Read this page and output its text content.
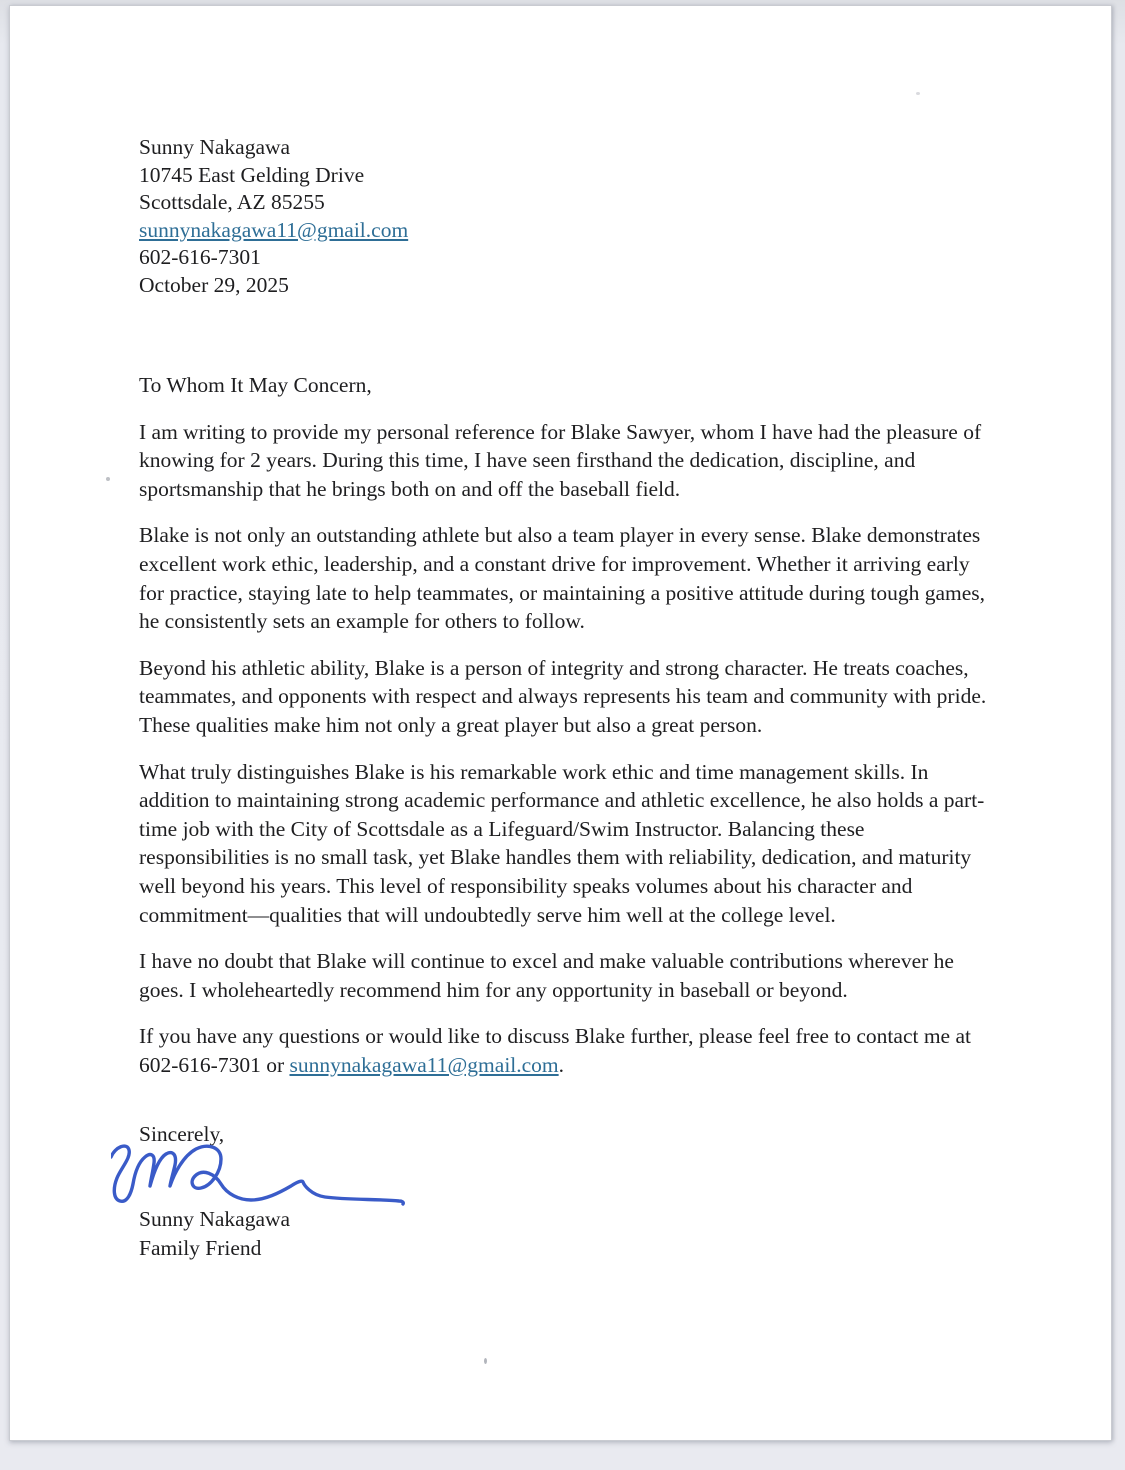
Sunny Nakagawa
10745 East Gelding Drive
Scottsdale, AZ 85255
sunnynakagawa11@gmail.com
602-616-7301
October 29, 2025
To Whom It May Concern,

I am writing to provide my personal reference for Blake Sawyer, whom I have had the pleasure of knowing for 2 years. During this time, I have seen firsthand the dedication, discipline, and sportsmanship that he brings both on and off the baseball field.

Blake is not only an outstanding athlete but also a team player in every sense. Blake demonstrates excellent work ethic, leadership, and a constant drive for improvement. Whether it arriving early for practice, staying late to help teammates, or maintaining a positive attitude during tough games, he consistently sets an example for others to follow.

Beyond his athletic ability, Blake is a person of integrity and strong character. He treats coaches, teammates, and opponents with respect and always represents his team and community with pride. These qualities make him not only a great player but also a great person.

What truly distinguishes Blake is his remarkable work ethic and time management skills. In addition to maintaining strong academic performance and athletic excellence, he also holds a part-time job with the City of Scottsdale as a Lifeguard/Swim Instructor. Balancing these responsibilities is no small task, yet Blake handles them with reliability, dedication, and maturity well beyond his years. This level of responsibility speaks volumes about his character and commitment—qualities that will undoubtedly serve him well at the college level.

I have no doubt that Blake will continue to excel and make valuable contributions wherever he goes. I wholeheartedly recommend him for any opportunity in baseball or beyond.

If you have any questions or would like to discuss Blake further, please feel free to contact me at 602-616-7301 or sunnynakagawa11@gmail.com.

Sincerely,
Sunny Nakagawa
Family Friend
